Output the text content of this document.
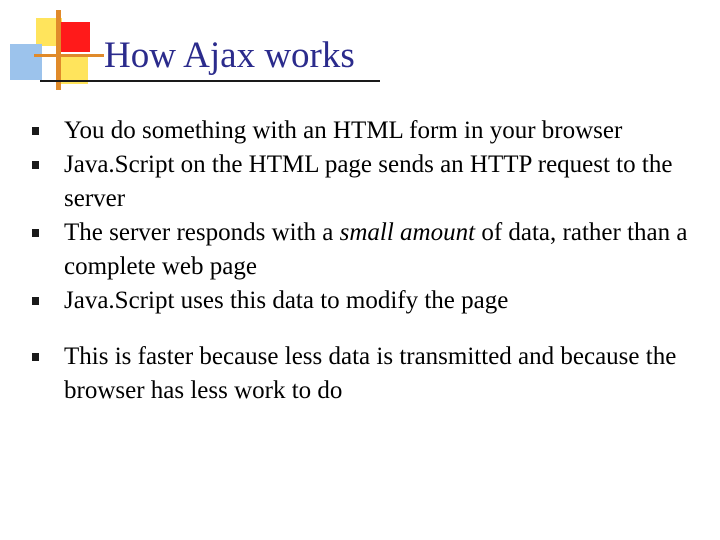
How Ajax works
You do something with an HTML form in your browser
Java.Script on the HTML page sends an HTTP request to the server
The server responds with a small amount of data, rather than a complete web page
Java.Script uses this data to modify the page
This is faster because less data is transmitted and because the browser has less work to do
